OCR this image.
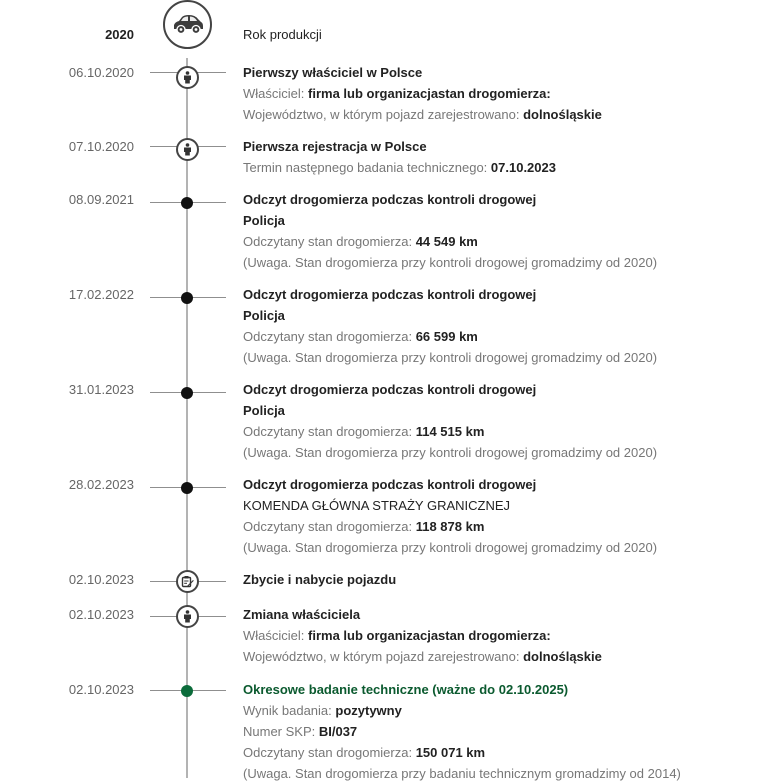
2020	Rok produkcji
06.10.2020	Pierwszy właściciel w Polsce
Właściciel: firma lub organizacjastan drogomierza:
Województwo, w którym pojazd zarejestrowano: dolnośląskie
07.10.2020	Pierwsza rejestracja w Polsce
Termin następnego badania technicznego: 07.10.2023
08.09.2021	Odczyt drogomierza podczas kontroli drogowej
Policja
Odczytany stan drogomierza: 44 549 km
(Uwaga. Stan drogomierza przy kontroli drogowej gromadzimy od 2020)
17.02.2022	Odczyt drogomierza podczas kontroli drogowej
Policja
Odczytany stan drogomierza: 66 599 km
(Uwaga. Stan drogomierza przy kontroli drogowej gromadzimy od 2020)
31.01.2023	Odczyt drogomierza podczas kontroli drogowej
Policja
Odczytany stan drogomierza: 114 515 km
(Uwaga. Stan drogomierza przy kontroli drogowej gromadzimy od 2020)
28.02.2023	Odczyt drogomierza podczas kontroli drogowej
KOMENDA GŁÓWNA STRAŻY GRANICZNEJ
Odczytany stan drogomierza: 118 878 km
(Uwaga. Stan drogomierza przy kontroli drogowej gromadzimy od 2020)
02.10.2023	Zbycie i nabycie pojazdu
02.10.2023	Zmiana właściciela
Właściciel: firma lub organizacjastan drogomierza:
Województwo, w którym pojazd zarejestrowano: dolnośląskie
02.10.2023	Okresowe badanie techniczne (ważne do 02.10.2025)
Wynik badania: pozytywny
Numer SKP: BI/037
Odczytany stan drogomierza: 150 071 km
(Uwaga. Stan drogomierza przy badaniu technicznym gromadzimy od 2014)
